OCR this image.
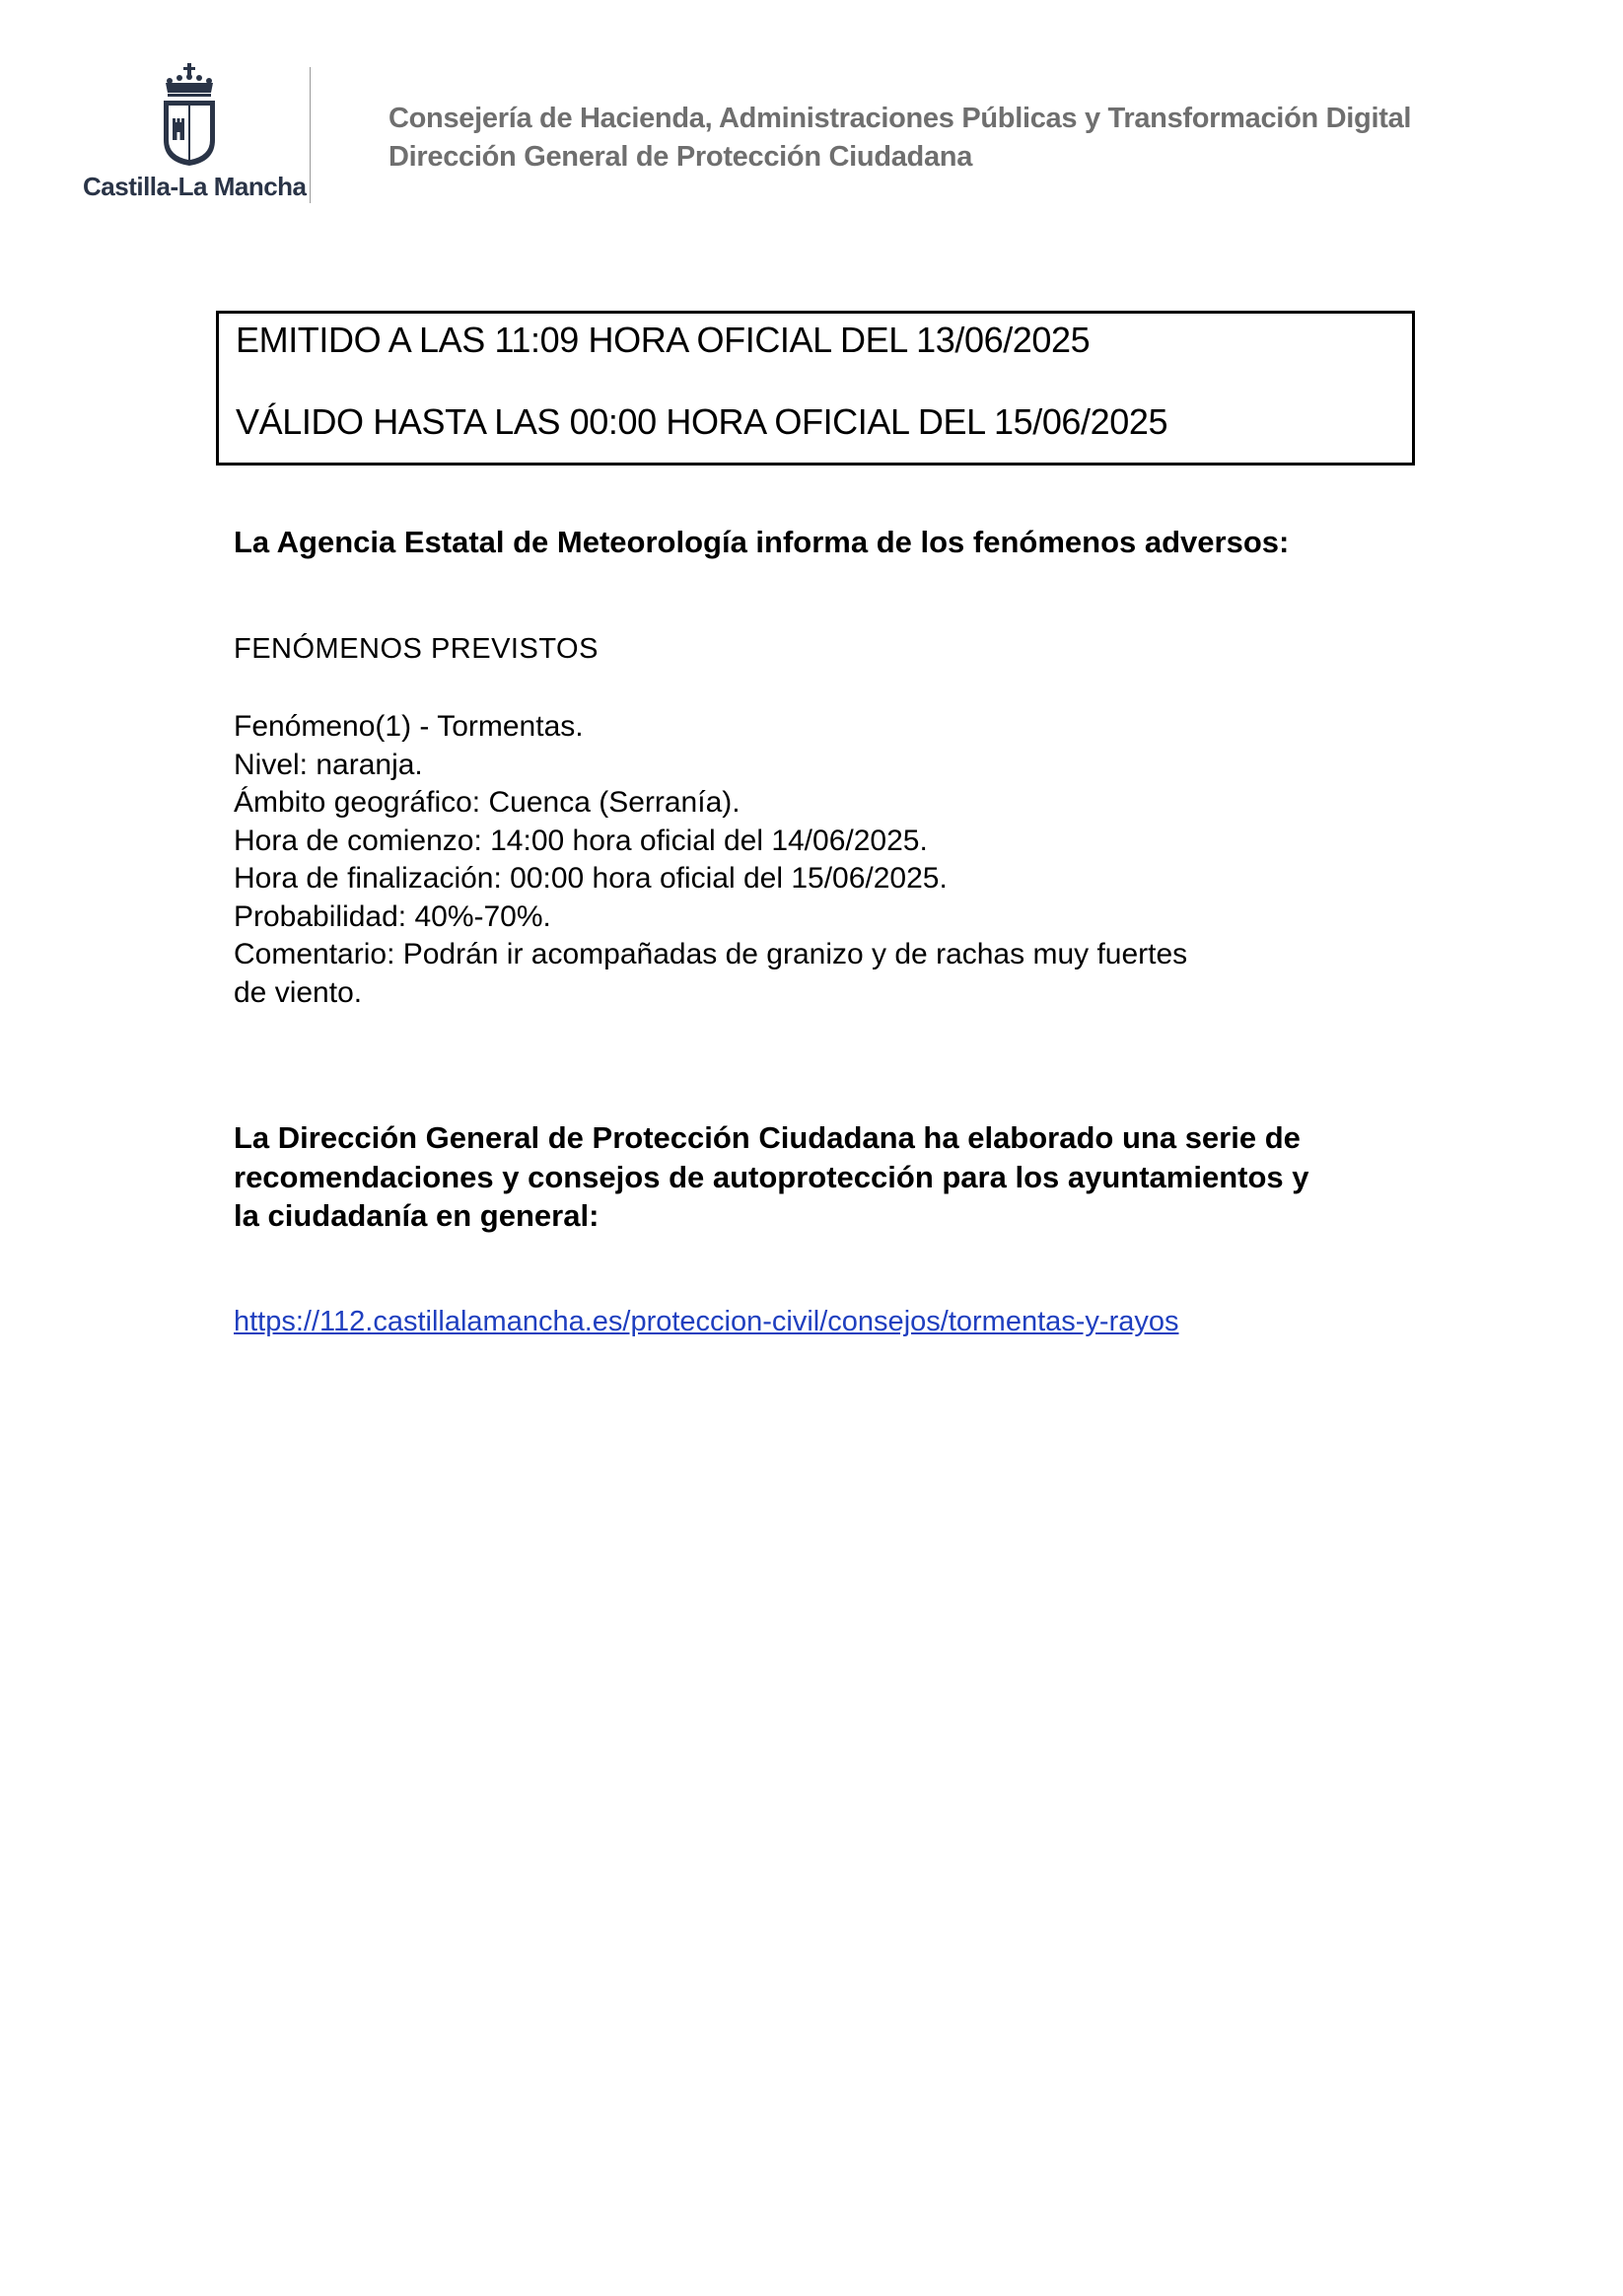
Castilla-La Mancha
Consejería de Hacienda, Administraciones Públicas y Transformación Digital
Dirección General de Protección Ciudadana
EMITIDO A LAS 11:09 HORA OFICIAL DEL 13/06/2025
VÁLIDO HASTA LAS 00:00 HORA OFICIAL DEL 15/06/2025
La Agencia Estatal de Meteorología informa de los fenómenos adversos:
FENÓMENOS PREVISTOS
Fenómeno(1) - Tormentas.
Nivel: naranja.
Ámbito geográfico: Cuenca (Serranía).
Hora de comienzo: 14:00 hora oficial del 14/06/2025.
Hora de finalización: 00:00 hora oficial del 15/06/2025.
Probabilidad: 40%-70%.
Comentario: Podrán ir acompañadas de granizo y de rachas muy fuertes
de viento.
La Dirección General de Protección Ciudadana ha elaborado una serie de
recomendaciones y consejos de autoprotección para los ayuntamientos y
la ciudadanía en general:
https://112.castillalamancha.es/proteccion-civil/consejos/tormentas-y-rayos
